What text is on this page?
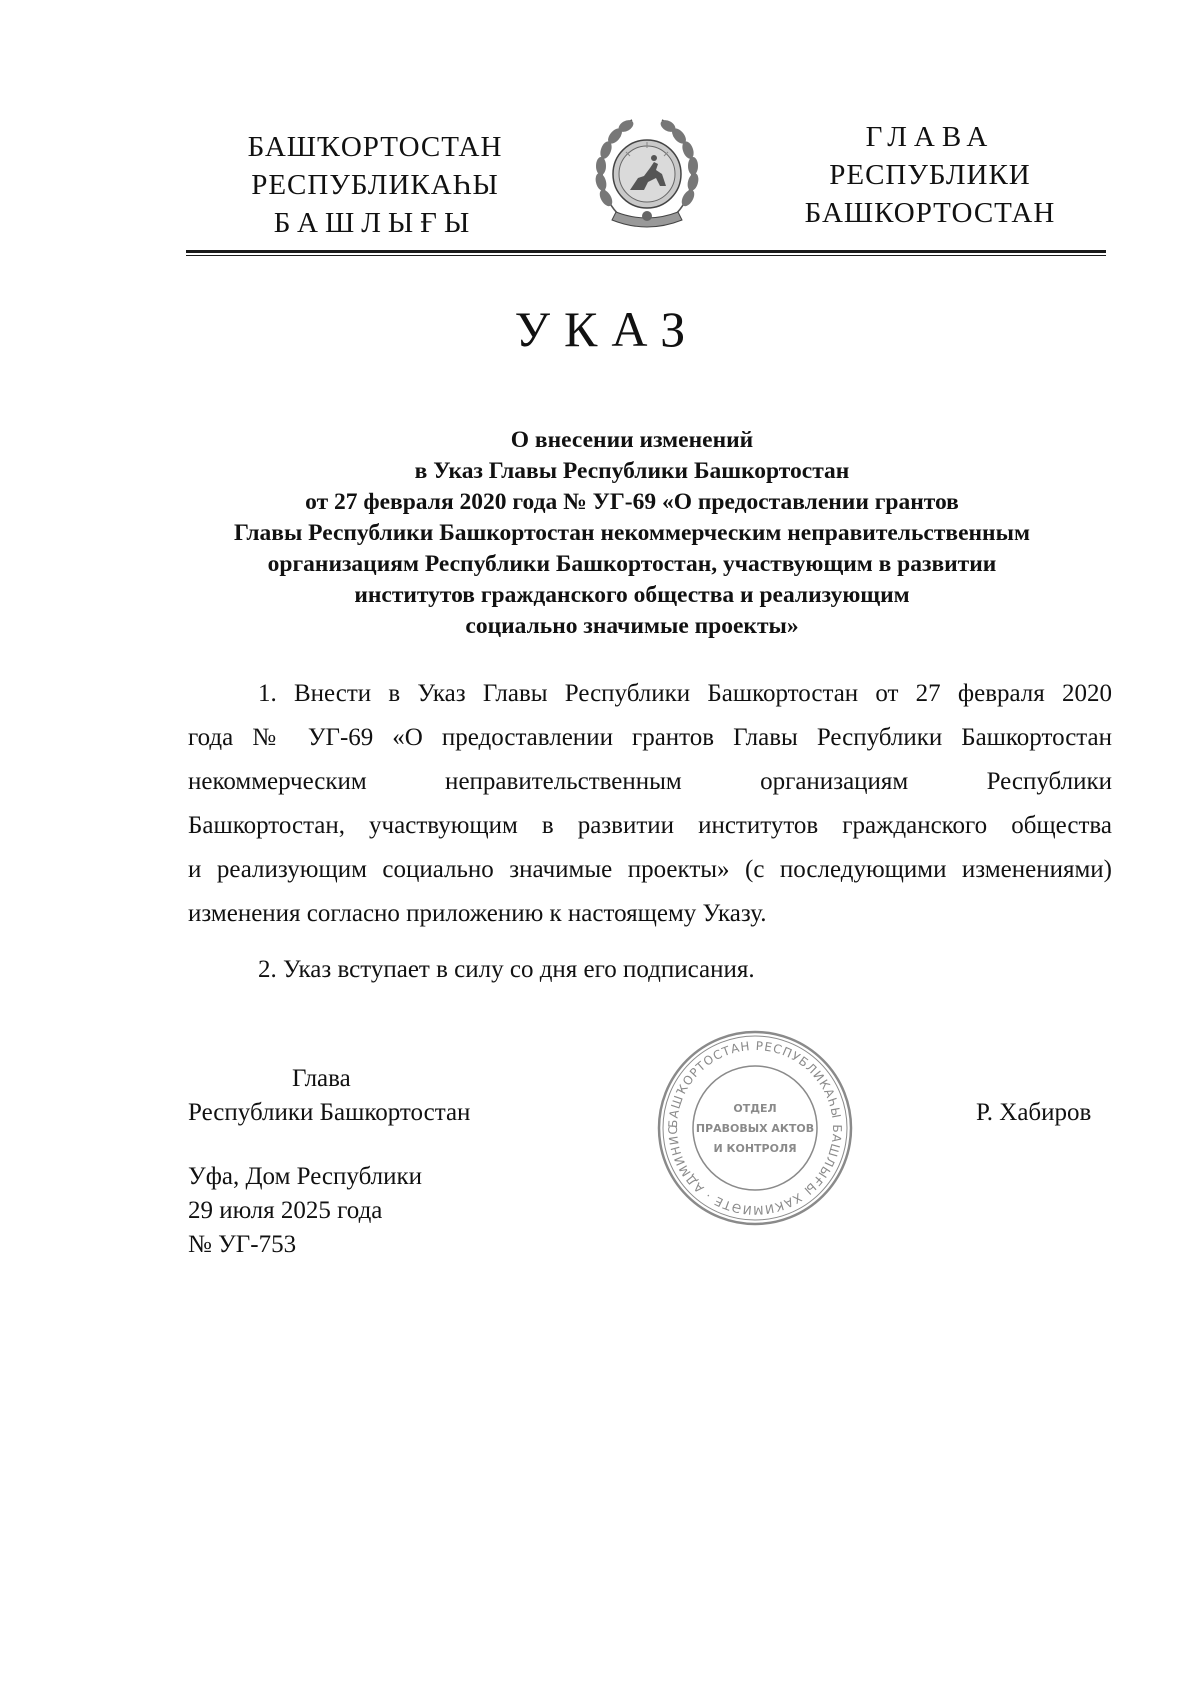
БАШҠОРТОСТАН
РЕСПУБЛИКАҺЫ
БАШЛЫҒЫ
ГЛАВА
РЕСПУБЛИКИ
БАШКОРТОСТАН
УКАЗ
О внесении изменений
в Указ Главы Республики Башкортостан
от 27 февраля 2020 года № УГ-69 «О предоставлении грантов
Главы Республики Башкортостан некоммерческим неправительственным
организациям Республики Башкортостан, участвующим в развитии
институтов гражданского общества и реализующим
социально значимые проекты»
1. Внести в Указ Главы Республики Башкортостан от 27 февраля 2020
года № УГ-69 «О предоставлении грантов Главы Республики Башкортостан
некоммерческим неправительственным организациям Республики
Башкортостан, участвующим в развитии институтов гражданского общества
и реализующим социально значимые проекты» (с последующими изменениями)
изменения согласно приложению к настоящему Указу.
2. Указ вступает в силу со дня его подписания.
Глава
Республики Башкортостан	Р. Хабиров
Уфа, Дом Республики
29 июля 2025 года
№ УГ-753
БАШҠОРТОСТАН РЕСПУБЛИКАҺЫ БАШЛЫҒЫ ХАКИМИӘТЕ · АДМИНИС
ОТДЕЛ
ПРАВОВЫХ АКТОВ
И КОНТРОЛЯ
